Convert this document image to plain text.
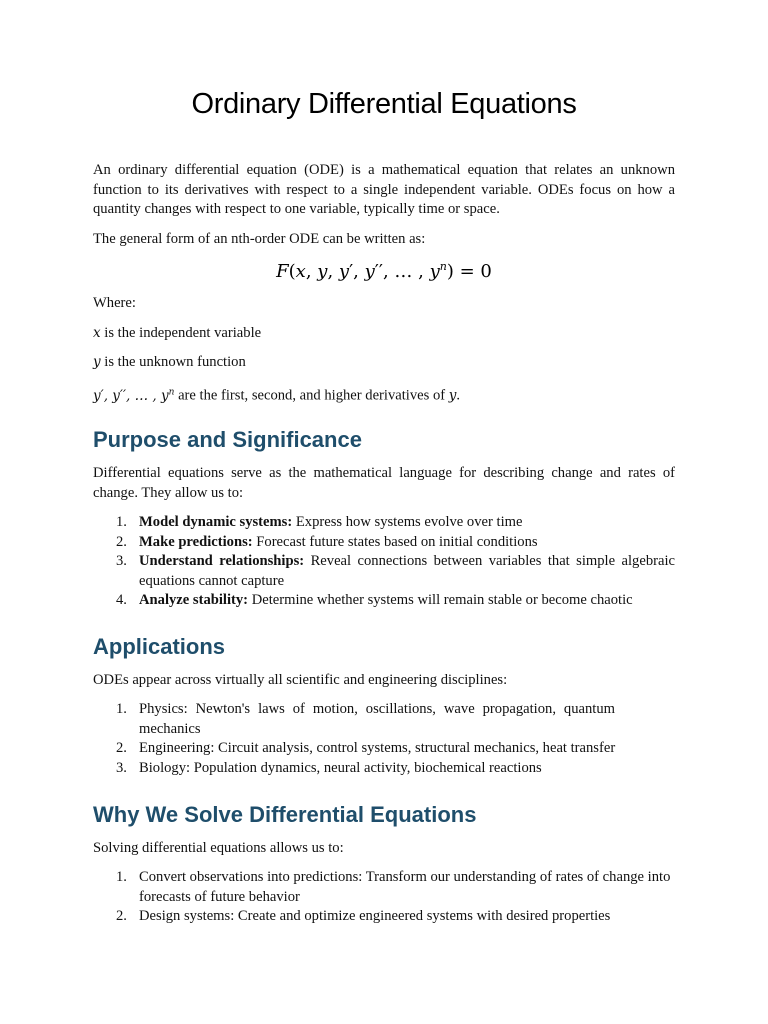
Ordinary Differential Equations

An ordinary differential equation (ODE) is a mathematical equation that relates an unknown function to its derivatives with respect to a single independent variable. ODEs focus on how a quantity changes with respect to one variable, typically time or space.

The general form of an nth-order ODE can be written as:

F(x, y, y′, y′′, … , $y^n) = 0$

Where:

x is the independent variable

y is the unknown function

y′, y′′, … , $y^n$ are the first, second, and higher derivatives of y.

Purpose and Significance

Differential equations serve as the mathematical language for describing change and rates of change. They allow us to:

1. Model dynamic systems: Express how systems evolve over time
2. Make predictions: Forecast future states based on initial conditions
3. Understand relationships: Reveal connections between variables that simple algebraic equations cannot capture
4. Analyze stability: Determine whether systems will remain stable or become chaotic
Applications

ODEs appear across virtually all scientific and engineering disciplines:

1. Physics: Newton's laws of motion, oscillations, wave propagation, quantum mechanics
2. Engineering: Circuit analysis, control systems, structural mechanics, heat transfer
3. Biology: Population dynamics, neural activity, biochemical reactions
Why We Solve Differential Equations

Solving differential equations allows us to:

1. Convert observations into predictions: Transform our understanding of rates of change into forecasts of future behavior
2. Design systems: Create and optimize engineered systems with desired properties
